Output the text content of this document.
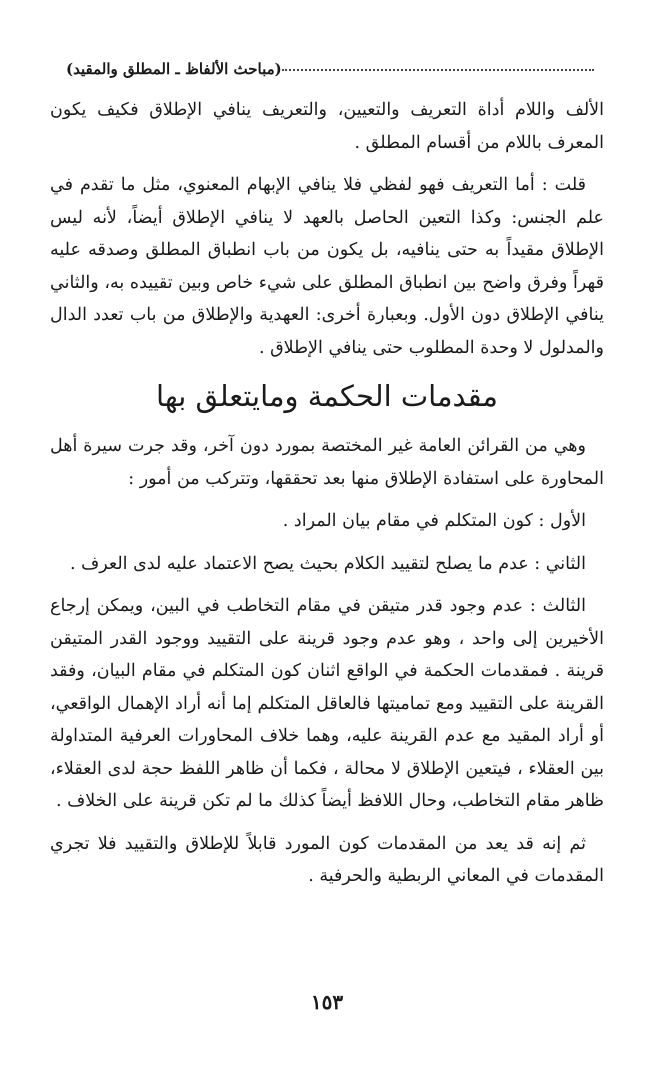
(مباحث الألفاظ ـ المطلق والمقيد)

الألف واللام أداة التعريف والتعيين، والتعريف ينافي الإطلاق فكيف يكون المعرف باللام من أقسام المطلق .

قلت : أما التعريف فهو لفظي فلا ينافي الإبهام المعنوي، مثل ما تقدم في علم الجنس: وكذا التعين الحاصل بالعهد لا ينافي الإطلاق أيضاً، لأنه ليس الإطلاق مقيداً به حتى ينافيه، بل يكون من باب انطباق المطلق وصدقه عليه قهراً وفرق واضح بين انطباق المطلق على شيء خاص وبين تقييده به، والثاني ينافي الإطلاق دون الأول. وبعبارة أخرى: العهدية والإطلاق من باب تعدد الدال والمدلول لا وحدة المطلوب حتى ينافي الإطلاق .

مقدمات الحكمة ومايتعلق بها

وهي من القرائن العامة غير المختصة بمورد دون آخر، وقد جرت سيرة أهل المحاورة على استفادة الإطلاق منها بعد تحققها، وتتركب من أمور :

الأول : كون المتكلم في مقام بيان المراد .

الثاني : عدم ما يصلح لتقييد الكلام بحيث يصح الاعتماد عليه لدى العرف .

الثالث : عدم وجود قدر متيقن في مقام التخاطب في البين، ويمكن إرجاع الأخيرين إلى واحد ، وهو عدم وجود قرينة على التقييد ووجود القدر المتيقن قرينة . فمقدمات الحكمة في الواقع اثنان كون المتكلم في مقام البيان، وفقد القرينة على التقييد ومع تماميتها فالعاقل المتكلم إما أنه أراد الإهمال الواقعي، أو أراد المقيد مع عدم القرينة عليه، وهما خلاف المحاورات العرفية المتداولة بين العقلاء ، فيتعين الإطلاق لا محالة ، فكما أن ظاهر اللفظ حجة لدى العقلاء، ظاهر مقام التخاطب، وحال اللافظ أيضاً كذلك ما لم تكن قرينة على الخلاف .

ثم إنه قد يعد من المقدمات كون المورد قابلاً للإطلاق والتقييد فلا تجري المقدمات في المعاني الربطية والحرفية .

١٥٣
